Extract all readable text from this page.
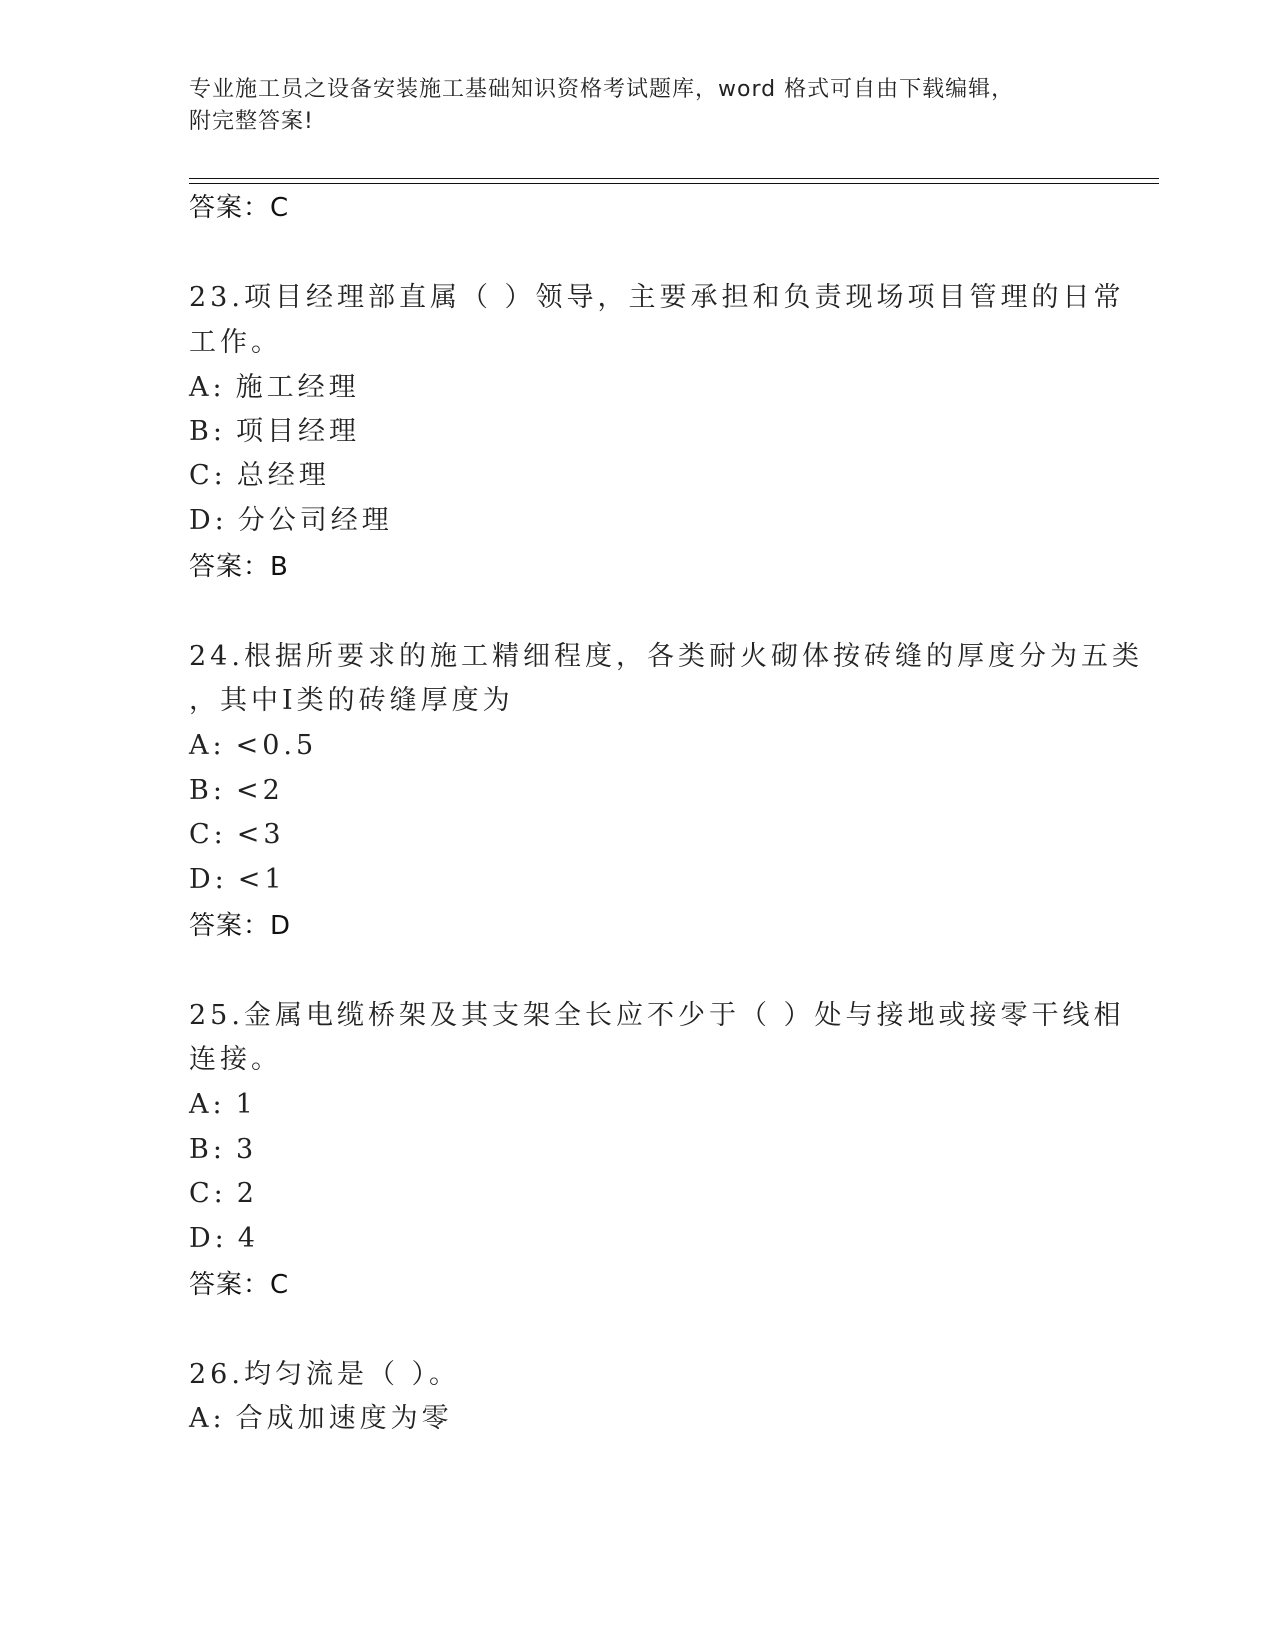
专业施工员之设备安装施工基础知识资格考试题库，word 格式可自由下载编辑，
附完整答案!
答案：C
23.项目经理部直属（ ）领导，主要承担和负责现场项目管理的日常
工作。
A: 施工经理
B: 项目经理
C: 总经理
D: 分公司经理
答案：B
24.根据所要求的施工精细程度，各类耐火砌体按砖缝的厚度分为五类
，其中Ⅰ类的砖缝厚度为
A: <0.5
B: <2
C: <3
D: <1
答案：D
25.金属电缆桥架及其支架全长应不少于（ ）处与接地或接零干线相
连接。
A: 1
B: 3
C: 2
D: 4
答案：C
26.均匀流是（ ）。
A: 合成加速度为零
